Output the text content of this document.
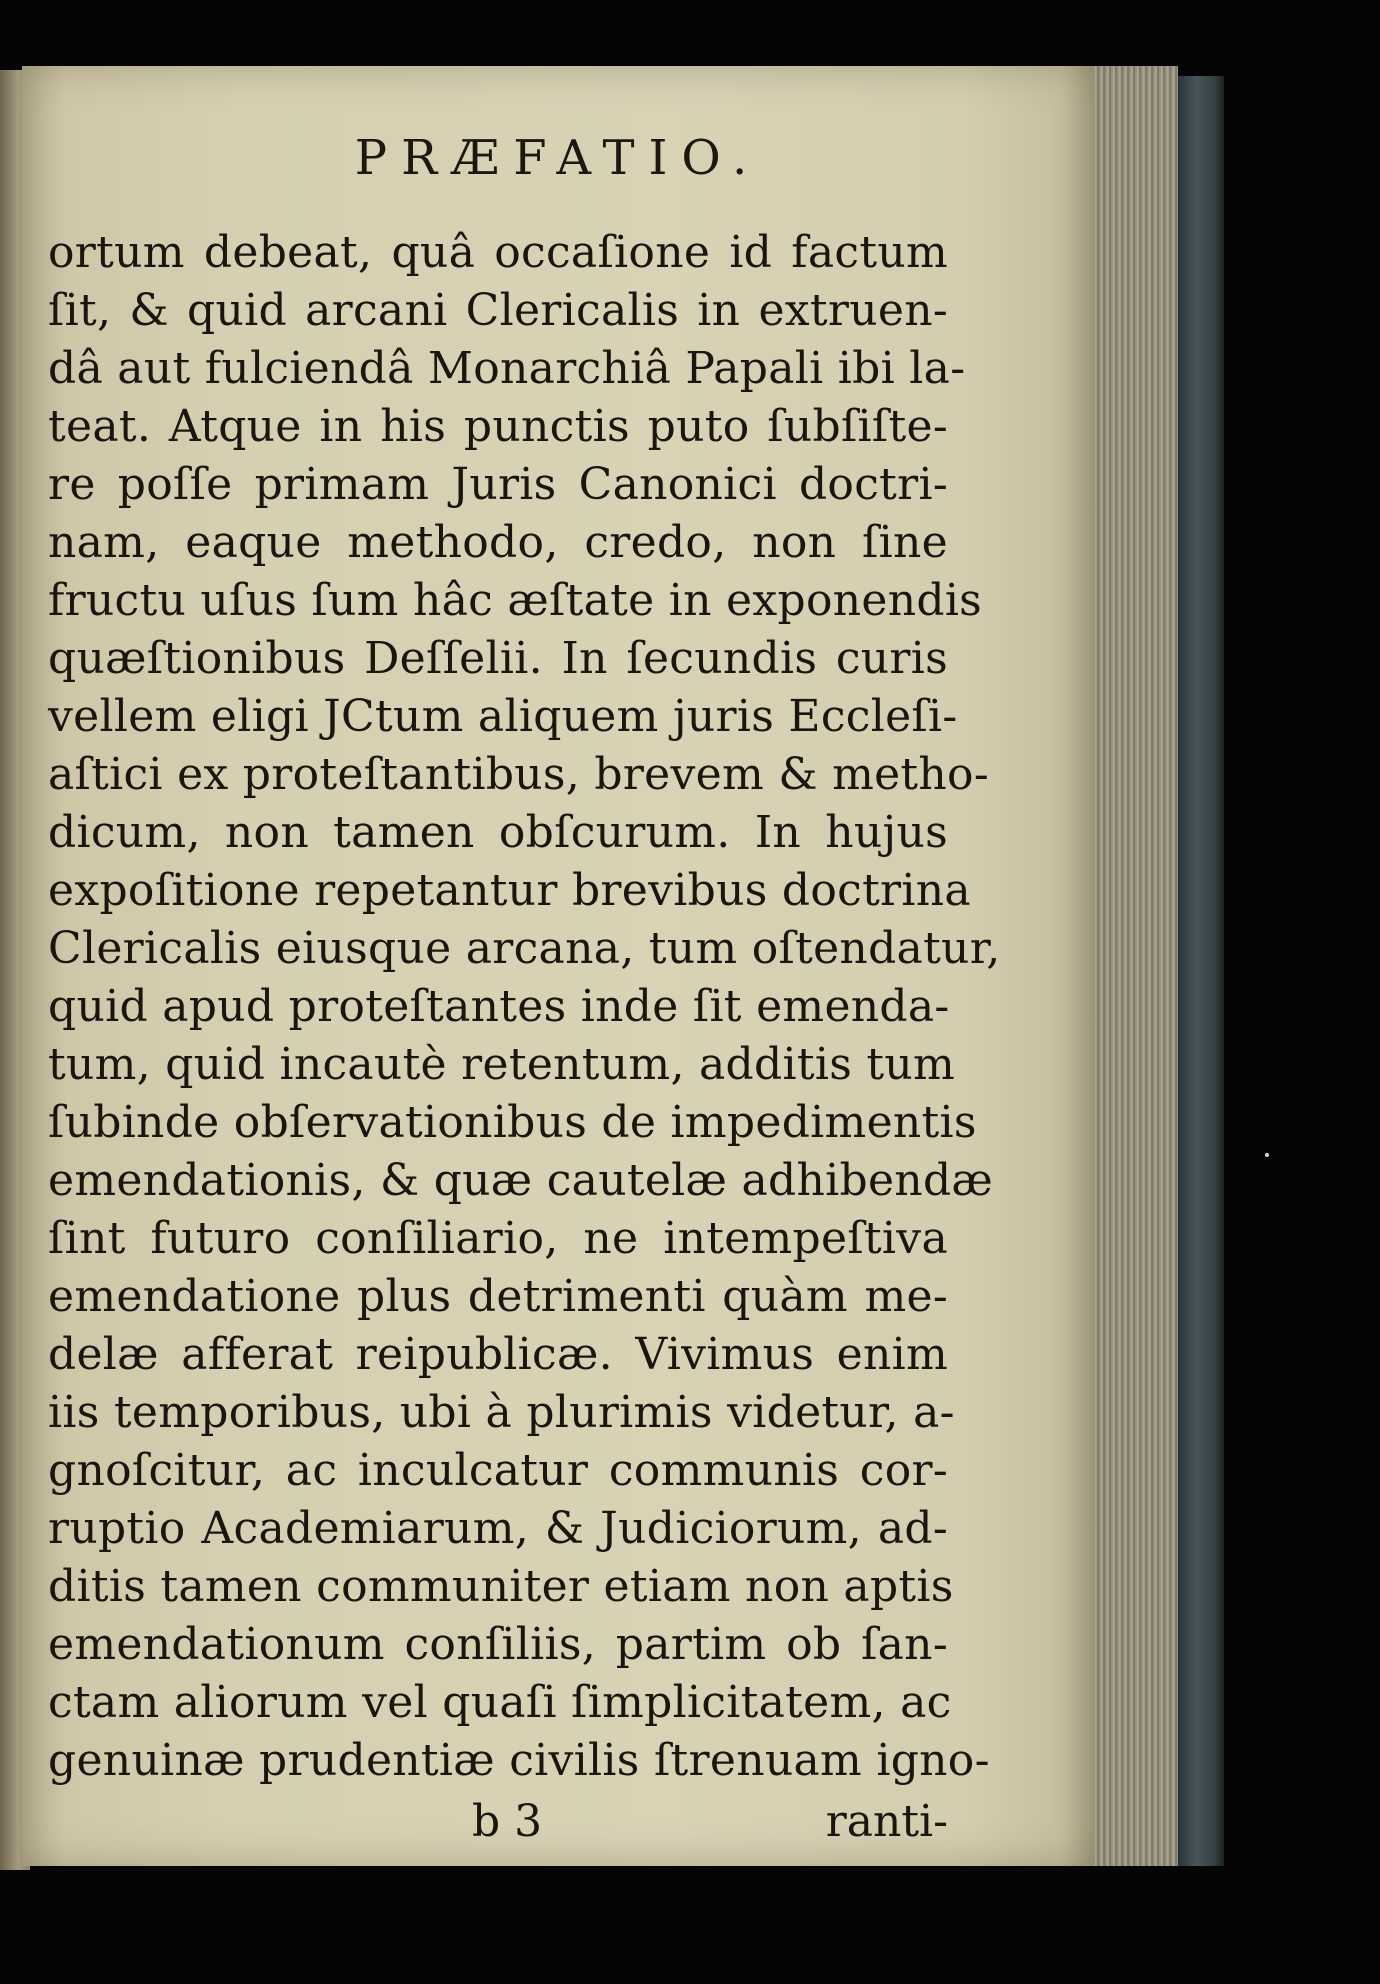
PRÆFATIO.
ortum debeat, quâ occaſione id factum
ſit, & quid arcani Clericalis in extruen-
dâ aut fulciendâ Monarchiâ Papali ibi la-
teat. Atque in his punctis puto ſubſiſte-
re poſſe primam Juris Canonici doctri-
nam, eaque methodo, credo, non ſine
fructu uſus ſum hâc æſtate in exponendis
quæſtionibus Deſſelii. In ſecundis curis
vellem eligi JCtum aliquem juris Eccleſi-
aſtici ex proteſtantibus, brevem & metho-
dicum, non tamen obſcurum. In hujus
expoſitione repetantur brevibus doctrina
Clericalis eiusque arcana, tum oſtendatur,
quid apud proteſtantes inde ſit emenda-
tum, quid incautè retentum, additis tum
ſubinde obſervationibus de impedimentis
emendationis, & quæ cautelæ adhibendæ
ſint futuro conſiliario, ne intempeſtiva
emendatione plus detrimenti quàm me-
delæ afferat reipublicæ. Vivimus enim
iis temporibus, ubi à plurimis videtur, a-
gnoſcitur, ac inculcatur communis cor-
ruptio Academiarum, & Judiciorum, ad-
ditis tamen communiter etiam non aptis
emendationum conſiliis, partim ob ſan-
ctam aliorum vel quaſi ſimplicitatem, ac
genuinæ prudentiæ civilis ſtrenuam igno-
b 3	ranti-
